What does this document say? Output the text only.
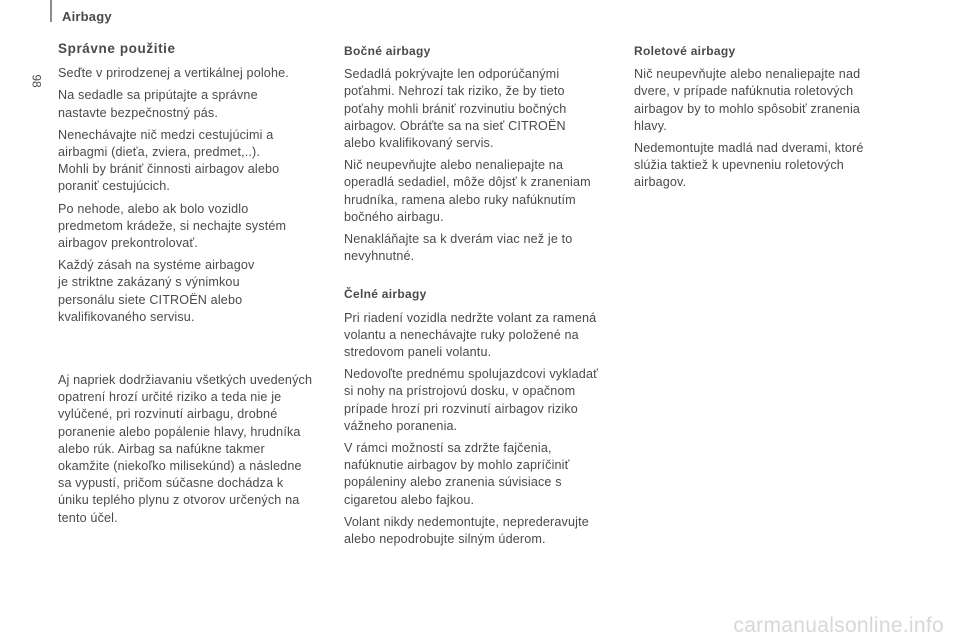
Airbagy
98
Správne použitie

Seďte v prirodzenej a vertikálnej polohe.

Na sedadle sa pripútajte a správne
nastavte bezpečnostný pás.

Nenechávajte nič medzi cestujúcimi a
airbagmi (dieťa, zviera, predmet,..).
Mohli by brániť činnosti airbagov alebo
poraniť cestujúcich.

Po nehode, alebo ak bolo vozidlo
predmetom krádeže, si nechajte systém
airbagov prekontrolovať.

Každý zásah na systéme airbagov
je striktne zakázaný s výnimkou
personálu siete CITROËN alebo
kvalifikovaného servisu.

Aj napriek dodržiavaniu všetkých uvedených
opatrení hrozí určité riziko a teda nie je
vylúčené, pri rozvinutí airbagu, drobné
poranenie alebo popálenie hlavy, hrudníka
alebo rúk. Airbag sa nafúkne takmer
okamžite (niekoľko milisekúnd) a následne
sa vypustí, pričom súčasne dochádza k
úniku teplého plynu z otvorov určených na
tento účel.

Bočné airbagy

Sedadlá pokrývajte len odporúčanými
poťahmi. Nehrozí tak riziko, že by tieto
poťahy mohli brániť rozvinutiu bočných
airbagov. Obráťte sa na sieť CITROËN
alebo kvalifikovaný servis.

Nič neupevňujte alebo nenaliepajte na
operadlá sedadiel, môže dôjsť k zraneniam
hrudníka, ramena alebo ruky nafúknutím
bočného airbagu.

Nenakláňajte sa k dverám viac než je to
nevyhnutné.

Čelné airbagy

Pri riadení vozidla nedržte volant za ramená
volantu a nenechávajte ruky položené na
stredovom paneli volantu.

Nedovoľte prednému spolujazdcovi vykladať
si nohy na prístrojovú dosku, v opačnom
prípade hrozí pri rozvinutí airbagov riziko
vážneho poranenia.

V rámci možností sa zdržte fajčenia,
nafúknutie airbagov by mohlo zapríčiniť
popáleniny alebo zranenia súvisiace s
cigaretou alebo fajkou.

Volant nikdy nedemontujte, neprederavujte
alebo nepodrobujte silným úderom.

Roletové airbagy

Nič neupevňujte alebo nenaliepajte nad
dvere, v prípade nafúknutia roletových
airbagov by to mohlo spôsobiť zranenia
hlavy.

Nedemontujte madlá nad dverami, ktoré
slúžia taktiež k upevneniu roletových
airbagov.

carmanualsonline.info
